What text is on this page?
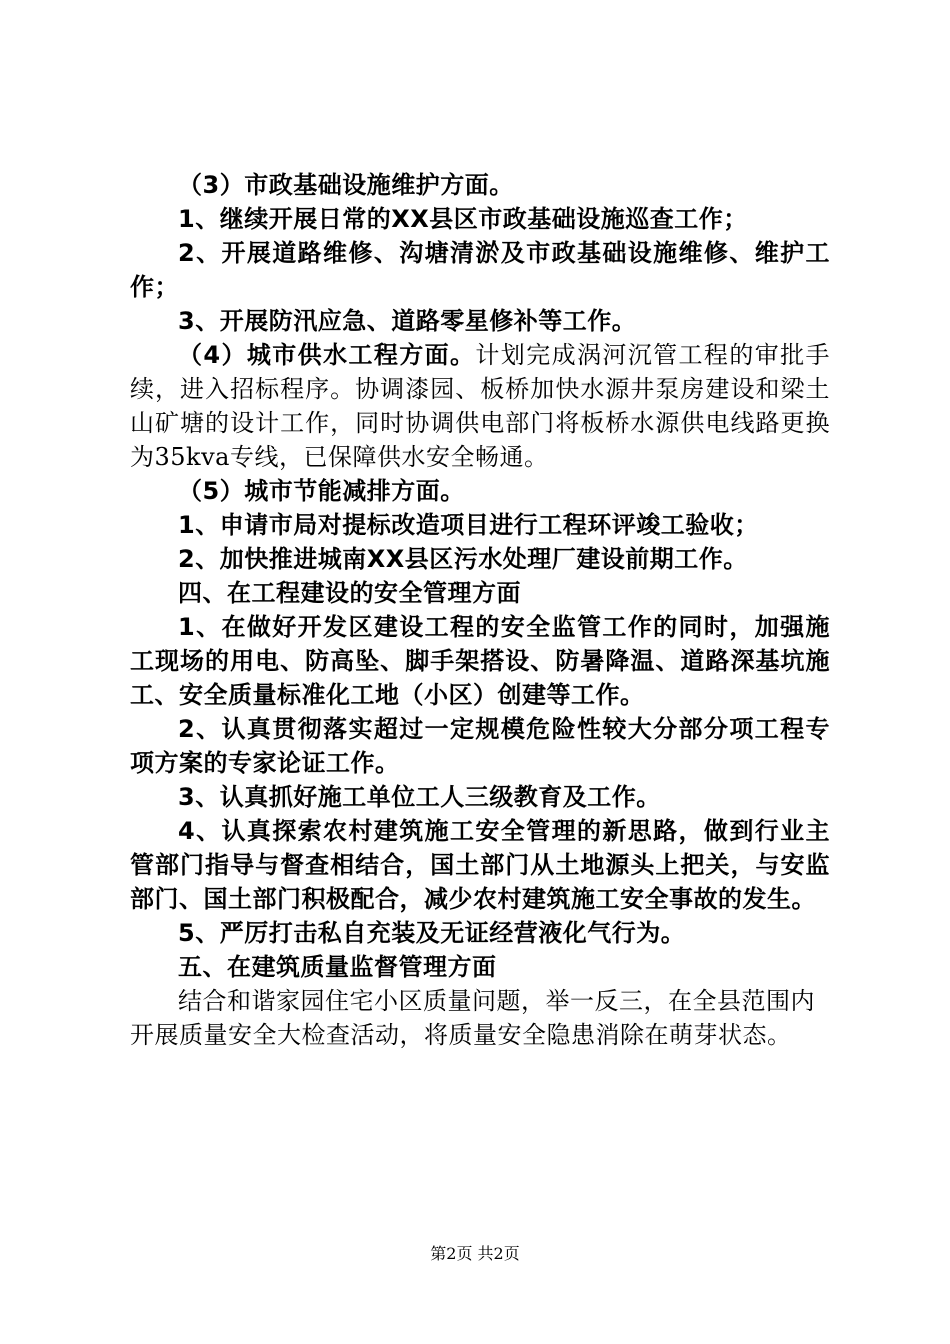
（3）市政基础设施维护方面。

1、继续开展日常的XX县区市政基础设施巡查工作；

2、开展道路维修、沟塘清淤及市政基础设施维修、维护工作；

3、开展防汛应急、道路零星修补等工作。

（4）城市供水工程方面。计划完成涡河沉管工程的审批手续，进入招标程序。协调漆园、板桥加快水源井泵房建设和梁土山矿塘的设计工作，同时协调供电部门将板桥水源供电线路更换为35kva专线，已保障供水安全畅通。

（5）城市节能减排方面。

1、申请市局对提标改造项目进行工程环评竣工验收；

2、加快推进城南XX县区污水处理厂建设前期工作。

四、在工程建设的安全管理方面

1、在做好开发区建设工程的安全监管工作的同时，加强施工现场的用电、防高坠、脚手架搭设、防暑降温、道路深基坑施工、安全质量标准化工地（小区）创建等工作。

2、认真贯彻落实超过一定规模危险性较大分部分项工程专项方案的专家论证工作。

3、认真抓好施工单位工人三级教育及工作。

4、认真探索农村建筑施工安全管理的新思路，做到行业主管部门指导与督查相结合，国土部门从土地源头上把关，与安监部门、国土部门积极配合，减少农村建筑施工安全事故的发生。

5、严厉打击私自充装及无证经营液化气行为。

五、在建筑质量监督管理方面

结合和谐家园住宅小区质量问题，举一反三，在全县范围内开展质量安全大检查活动，将质量安全隐患消除在萌芽状态。

第2页 共2页
